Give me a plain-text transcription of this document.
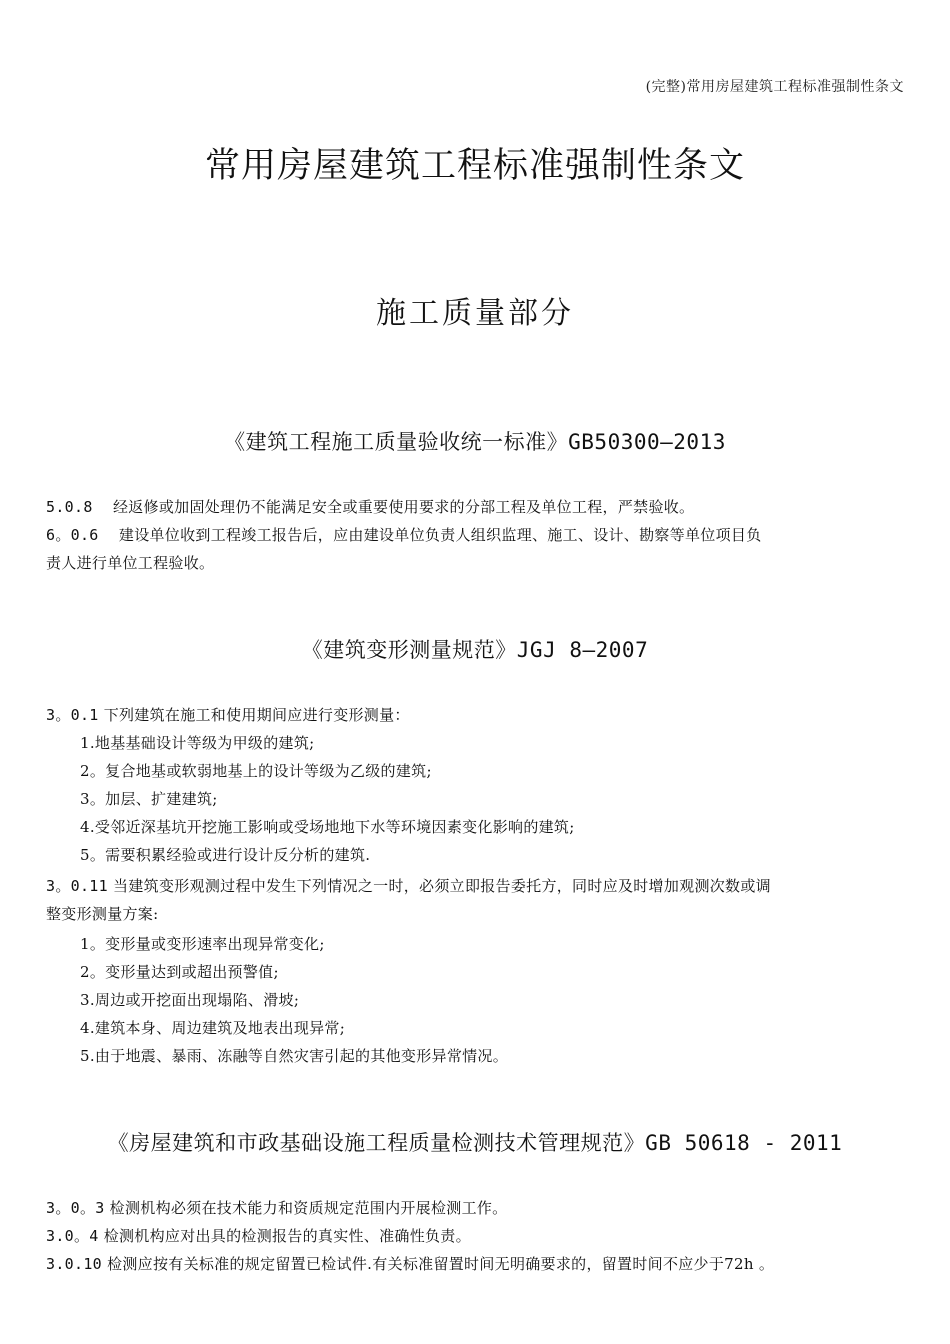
(完整)常用房屋建筑工程标准强制性条文
常用房屋建筑工程标准强制性条文
施工质量部分
《建筑工程施工质量验收统一标准》GB50300—2013

5.0.8 经返修或加固处理仍不能满足安全或重要使用要求的分部工程及单位工程，严禁验收。

6。0.6 建设单位收到工程竣工报告后，应由建设单位负责人组织监理、施工、设计、勘察等单位项目负

责人进行单位工程验收。

《建筑变形测量规范》JGJ 8—2007

3。0.1 下列建筑在施工和使用期间应进行变形测量：

1.地基基础设计等级为甲级的建筑;

2。复合地基或软弱地基上的设计等级为乙级的建筑;

3。加层、扩建建筑;

4.受邻近深基坑开挖施工影响或受场地地下水等环境因素变化影响的建筑;

5。需要积累经验或进行设计反分析的建筑.

3。0.11 当建筑变形观测过程中发生下列情况之一时，必须立即报告委托方，同时应及时增加观测次数或调

整变形测量方案:

1。变形量或变形速率出现异常变化;

2。变形量达到或超出预警值;

3.周边或开挖面出现塌陷、滑坡;

4.建筑本身、周边建筑及地表出现异常;

5.由于地震、暴雨、冻融等自然灾害引起的其他变形异常情况。

《房屋建筑和市政基础设施工程质量检测技术管理规范》GB 50618 - 2011

3。0。3 检测机构必须在技术能力和资质规定范围内开展检测工作。

3.0。4 检测机构应对出具的检测报告的真实性、准确性负责。

3.0.10 检测应按有关标准的规定留置已检试件.有关标准留置时间无明确要求的，留置时间不应少于72h 。
